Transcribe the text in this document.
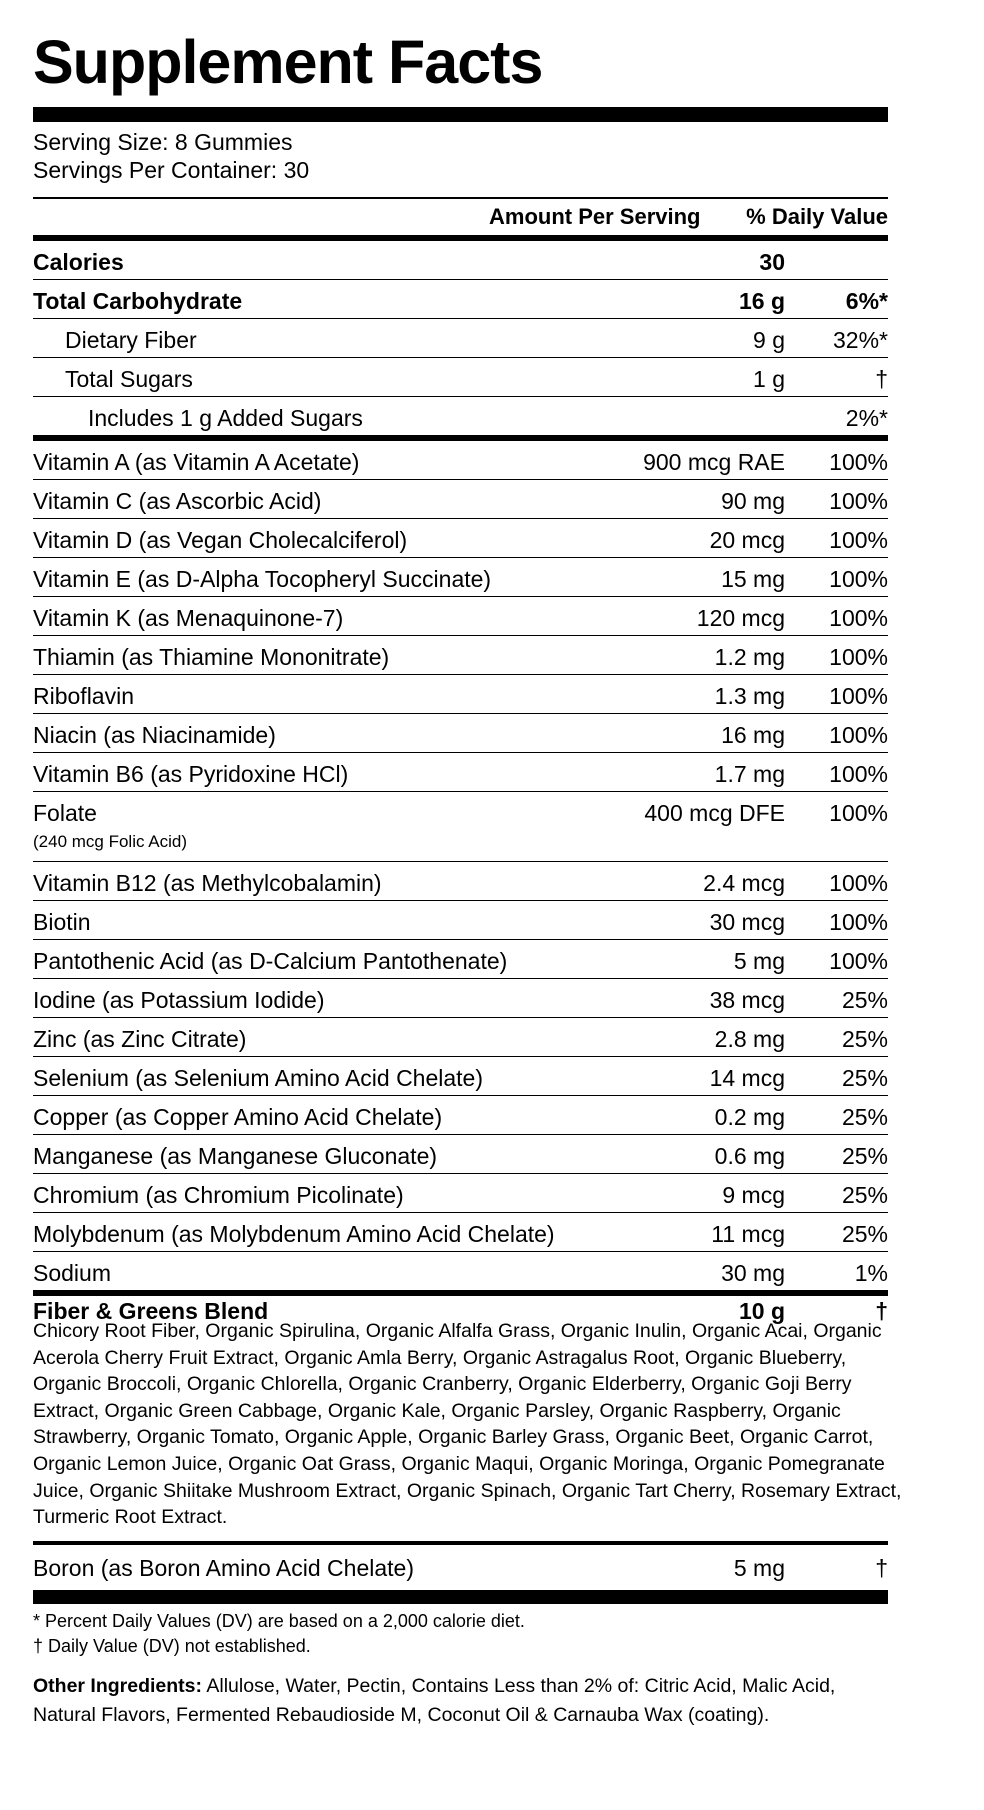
Supplement Facts
Serving Size: 8 Gummies
Servings Per Container: 30
Amount Per Serving % Daily Value
Calories	30
Total Carbohydrate	16 g	6%*
Dietary Fiber	9 g 32%*
Total Sugars	1 g	†
Includes 1 g Added Sugars	2%*
Vitamin A (as Vitamin A Acetate)	900 mcg RAE 100%
Vitamin C (as Ascorbic Acid)	90 mg 100%
Vitamin D (as Vegan Cholecalciferol)	20 mcg 100%
Vitamin E (as D-Alpha Tocopheryl Succinate)	15 mg 100%
Vitamin K (as Menaquinone-7)	120 mcg 100%
Thiamin (as Thiamine Mononitrate)	1.2 mg 100%
Riboflavin	1.3 mg 100%
Niacin (as Niacinamide)	16 mg 100%
Vitamin B6 (as Pyridoxine HCl)	1.7 mg 100%
Folate	400 mcg DFE 100%
(240 mcg Folic Acid)
Vitamin B12 (as Methylcobalamin)	2.4 mcg 100%
Biotin	30 mcg 100%
Pantothenic Acid (as D-Calcium Pantothenate)	5 mg 100%
Iodine (as Potassium Iodide)	38 mcg 25%
Zinc (as Zinc Citrate)	2.8 mg 25%
Selenium (as Selenium Amino Acid Chelate)	14 mcg 25%
Copper (as Copper Amino Acid Chelate)	0.2 mg 25%
Manganese (as Manganese Gluconate)	0.6 mg 25%
Chromium (as Chromium Picolinate)	9 mcg 25%
Molybdenum (as Molybdenum Amino Acid Chelate)	11 mcg 25%
Sodium	30 mg	1%
Fiber & Greens Blend	10 g	†
Chicory Root Fiber, Organic Spirulina, Organic Alfalfa Grass, Organic Inulin, Organic Acai, Organic Acerola Cherry Fruit Extract, Organic Amla Berry, Organic Astragalus Root, Organic Blueberry, Organic Broccoli, Organic Chlorella, Organic Cranberry, Organic Elderberry, Organic Goji Berry Extract, Organic Green Cabbage, Organic Kale, Organic Parsley, Organic Raspberry, Organic Strawberry, Organic Tomato, Organic Apple, Organic Barley Grass, Organic Beet, Organic Carrot, Organic Lemon Juice, Organic Oat Grass, Organic Maqui, Organic Moringa, Organic Pomegranate Juice, Organic Shiitake Mushroom Extract, Organic Spinach, Organic Tart Cherry, Rosemary Extract, Turmeric Root Extract.
Boron (as Boron Amino Acid Chelate)	5 mg	†
* Percent Daily Values (DV) are based on a 2,000 calorie diet.
† Daily Value (DV) not established.
Other Ingredients: Allulose, Water, Pectin, Contains Less than 2% of: Citric Acid, Malic Acid, Natural Flavors, Fermented Rebaudioside M, Coconut Oil & Carnauba Wax (coating).
